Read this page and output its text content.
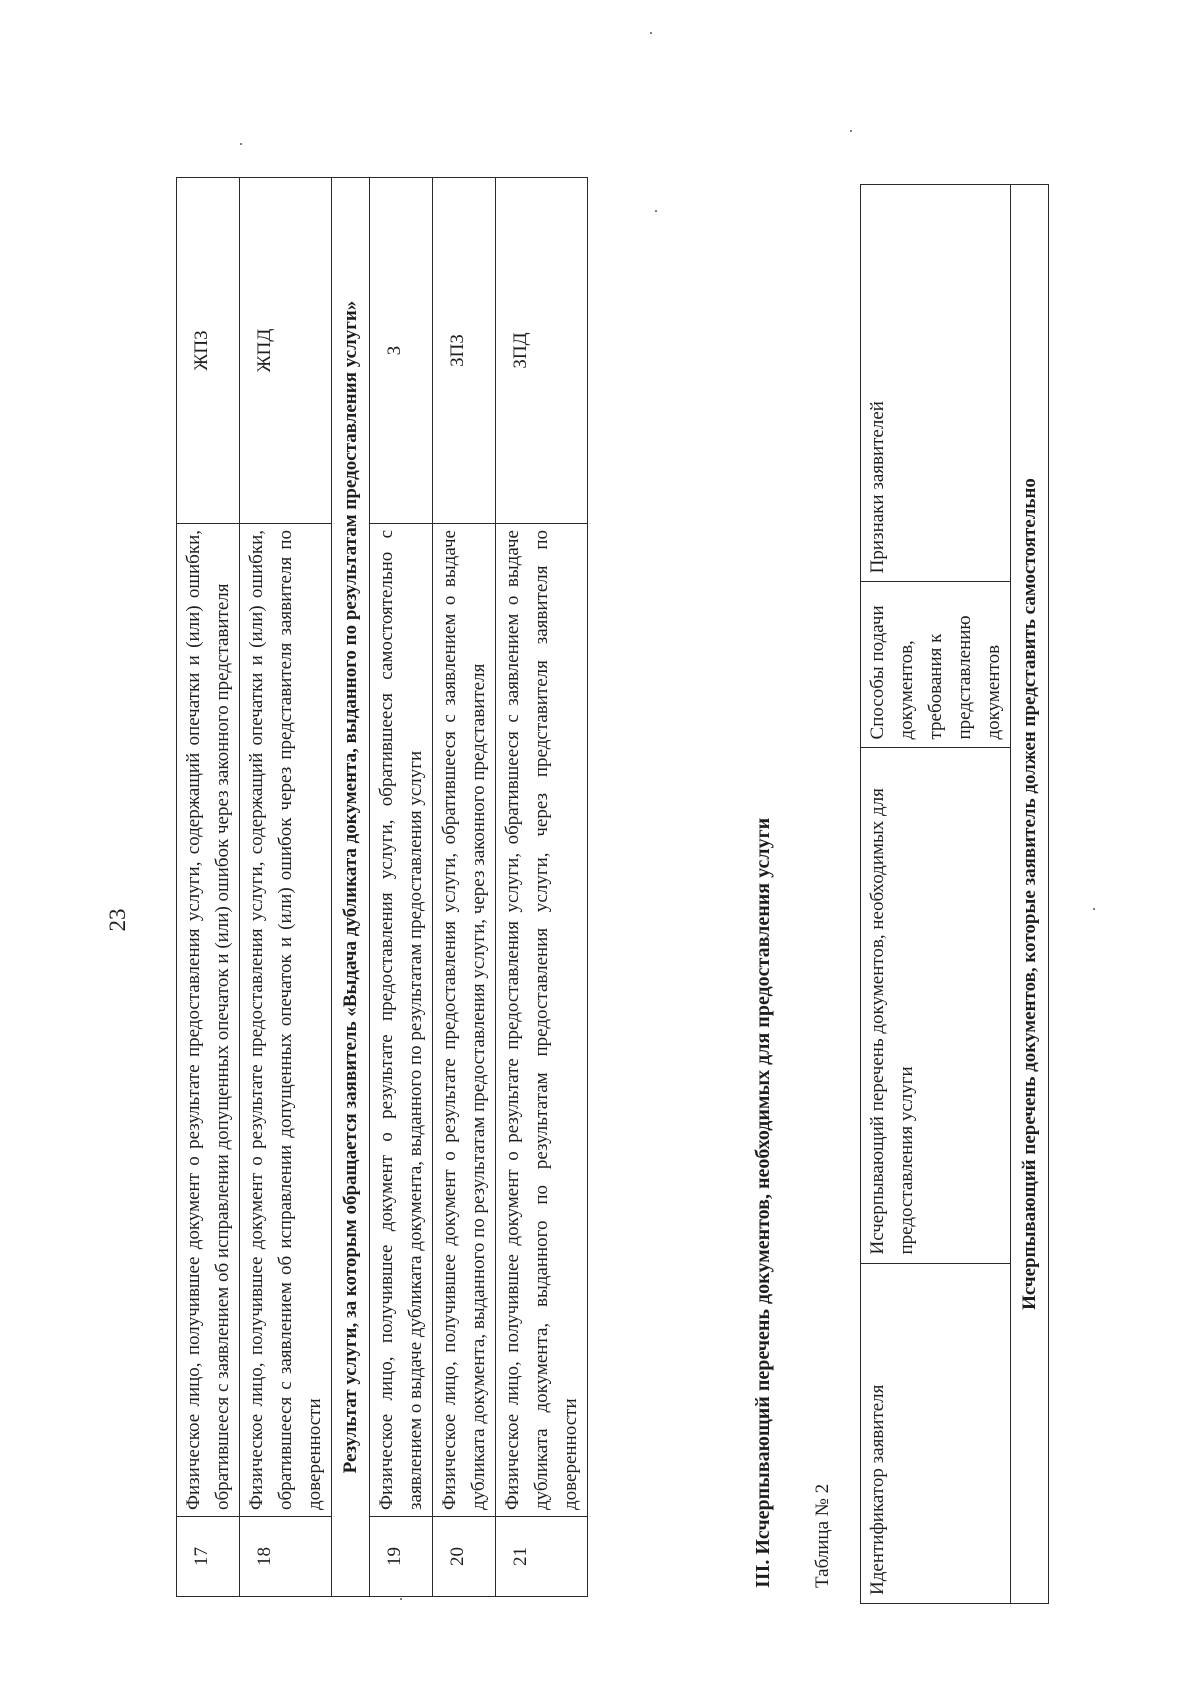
23
17	Физическое лицо, получившее документ о результате предоставления услуги, содержащий опечатки и (или) ошибки, обратившееся с заявлением об исправлении допущенных опечаток и (или) ошибок через законного представителя	ЖПЗ
18	Физическое лицо, получившее документ о результате предоставления услуги, содержащий опечатки и (или) ошибки, обратившееся с заявлением об исправлении допущенных опечаток и (или) ошибок через представителя заявителя по доверенности	ЖПД
Результат услуги, за которым обращается заявитель «Выдача дубликата документа, выданного по результатам предоставления услуги»		
19	Физическое лицо, получившее документ о результате предоставления услуги, обратившееся самостоятельно с заявлением о выдаче дубликата документа, выданного по результатам предоставления услуги	З
20	Физическое лицо, получившее документ о результате предоставления услуги, обратившееся с заявлением о выдаче дубликата документа, выданного по результатам предоставления услуги, через законного представителя	ЗПЗ
21	Физическое лицо, получившее документ о результате предоставления услуги, обратившееся с заявлением о выдаче дубликата документа, выданного по результатам предоставления услуги, через представителя заявителя по доверенности	ЗПД
III. Исчерпывающий перечень документов, необходимых для предоставления услуги Таблица № 2 Идентификатор заявителя	Исчерпывающий перечень документов, необходимых для предоставления услуги	Способы подачи документов, требования к представлению документов	Признаки заявителей
Исчерпывающий перечень документов, которые заявитель должен представить самостоятельно
